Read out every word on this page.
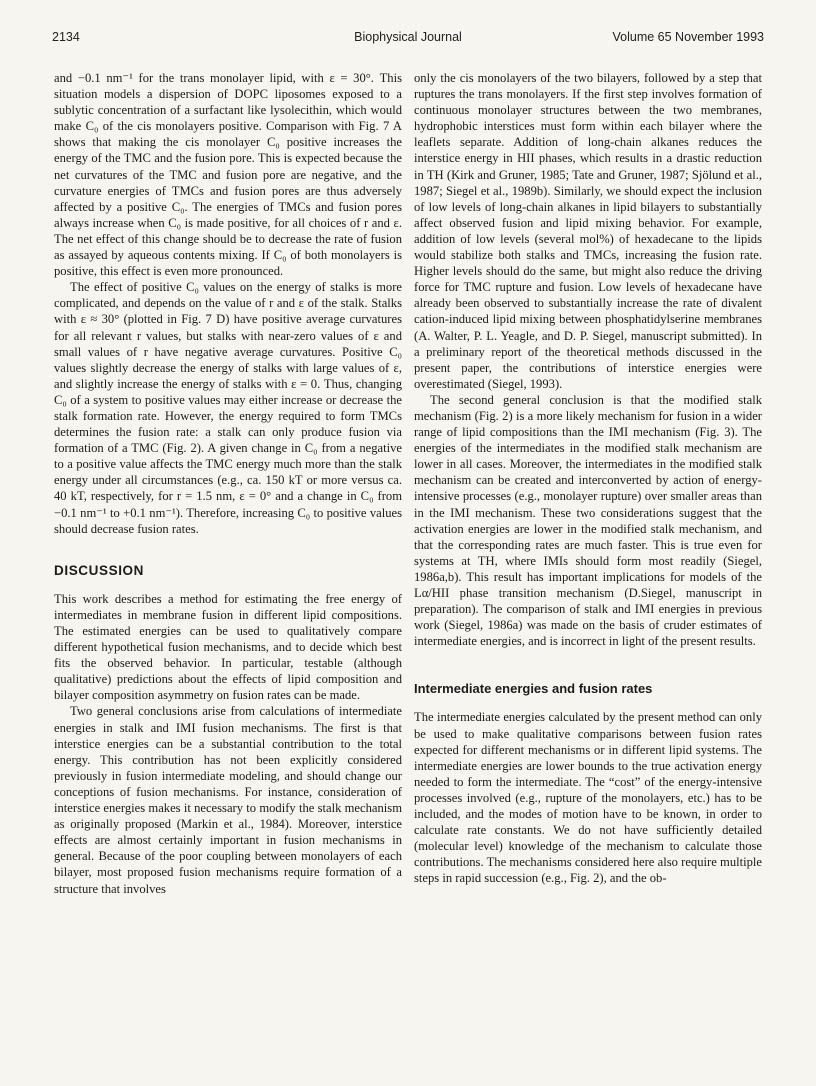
2134	Biophysical Journal	Volume 65 November 1993

and −0.1 nm⁻¹ for the trans monolayer lipid, with ε = 30°. This situation models a dispersion of DOPC liposomes exposed to a sublytic concentration of a surfactant like lysolecithin, which would make C₀ of the cis monolayers positive. Comparison with Fig. 7 A shows that making the cis monolayer C₀ positive increases the energy of the TMC and the fusion pore. This is expected because the net curvatures of the TMC and fusion pore are negative, and the curvature energies of TMCs and fusion pores are thus adversely affected by a positive C₀. The energies of TMCs and fusion pores always increase when C₀ is made positive, for all choices of r and ε. The net effect of this change should be to decrease the rate of fusion as assayed by aqueous contents mixing. If C₀ of both monolayers is positive, this effect is even more pronounced.

The effect of positive C₀ values on the energy of stalks is more complicated, and depends on the value of r and ε of the stalk. Stalks with ε ≈ 30° (plotted in Fig. 7 D) have positive average curvatures for all relevant r values, but stalks with near-zero values of ε and small values of r have negative average curvatures. Positive C₀ values slightly decrease the energy of stalks with large values of ε, and slightly increase the energy of stalks with ε = 0. Thus, changing C₀ of a system to positive values may either increase or decrease the stalk formation rate. However, the energy required to form TMCs determines the fusion rate: a stalk can only produce fusion via formation of a TMC (Fig. 2). A given change in C₀ from a negative to a positive value affects the TMC energy much more than the stalk energy under all circumstances (e.g., ca. 150 kT or more versus ca. 40 kT, respectively, for r = 1.5 nm, ε = 0° and a change in C₀ from −0.1 nm⁻¹ to +0.1 nm⁻¹). Therefore, increasing C₀ to positive values should decrease fusion rates.

DISCUSSION

This work describes a method for estimating the free energy of intermediates in membrane fusion in different lipid compositions. The estimated energies can be used to qualitatively compare different hypothetical fusion mechanisms, and to decide which best fits the observed behavior. In particular, testable (although qualitative) predictions about the effects of lipid composition and bilayer composition asymmetry on fusion rates can be made.

Two general conclusions arise from calculations of intermediate energies in stalk and IMI fusion mechanisms. The first is that interstice energies can be a substantial contribution to the total energy. This contribution has not been explicitly considered previously in fusion intermediate modeling, and should change our conceptions of fusion mechanisms. For instance, consideration of interstice energies makes it necessary to modify the stalk mechanism as originally proposed (Markin et al., 1984). Moreover, interstice effects are almost certainly important in fusion mechanisms in general. Because of the poor coupling between monolayers of each bilayer, most proposed fusion mechanisms require formation of a structure that involves

only the cis monolayers of the two bilayers, followed by a step that ruptures the trans monolayers. If the first step involves formation of continuous monolayer structures between the two membranes, hydrophobic interstices must form within each bilayer where the leaflets separate. Addition of long-chain alkanes reduces the interstice energy in HII phases, which results in a drastic reduction in TH (Kirk and Gruner, 1985; Tate and Gruner, 1987; Sjölund et al., 1987; Siegel et al., 1989b). Similarly, we should expect the inclusion of low levels of long-chain alkanes in lipid bilayers to substantially affect observed fusion and lipid mixing behavior. For example, addition of low levels (several mol%) of hexadecane to the lipids would stabilize both stalks and TMCs, increasing the fusion rate. Higher levels should do the same, but might also reduce the driving force for TMC rupture and fusion. Low levels of hexadecane have already been observed to substantially increase the rate of divalent cation-induced lipid mixing between phosphatidylserine membranes (A. Walter, P. L. Yeagle, and D. P. Siegel, manuscript submitted). In a preliminary report of the theoretical methods discussed in the present paper, the contributions of interstice energies were overestimated (Siegel, 1993).

The second general conclusion is that the modified stalk mechanism (Fig. 2) is a more likely mechanism for fusion in a wider range of lipid compositions than the IMI mechanism (Fig. 3). The energies of the intermediates in the modified stalk mechanism are lower in all cases. Moreover, the intermediates in the modified stalk mechanism can be created and interconverted by action of energy-intensive processes (e.g., monolayer rupture) over smaller areas than in the IMI mechanism. These two considerations suggest that the activation energies are lower in the modified stalk mechanism, and that the corresponding rates are much faster. This is true even for systems at TH, where IMIs should form most readily (Siegel, 1986a,b). This result has important implications for models of the Lα/HII phase transition mechanism (D.Siegel, manuscript in preparation). The comparison of stalk and IMI energies in previous work (Siegel, 1986a) was made on the basis of cruder estimates of intermediate energies, and is incorrect in light of the present results.

Intermediate energies and fusion rates

The intermediate energies calculated by the present method can only be used to make qualitative comparisons between fusion rates expected for different mechanisms or in different lipid systems. The intermediate energies are lower bounds to the true activation energy needed to form the intermediate. The “cost” of the energy-intensive processes involved (e.g., rupture of the monolayers, etc.) has to be included, and the modes of motion have to be known, in order to calculate rate constants. We do not have sufficiently detailed (molecular level) knowledge of the mechanism to calculate those contributions. The mechanisms considered here also require multiple steps in rapid succession (e.g., Fig. 2), and the ob-
